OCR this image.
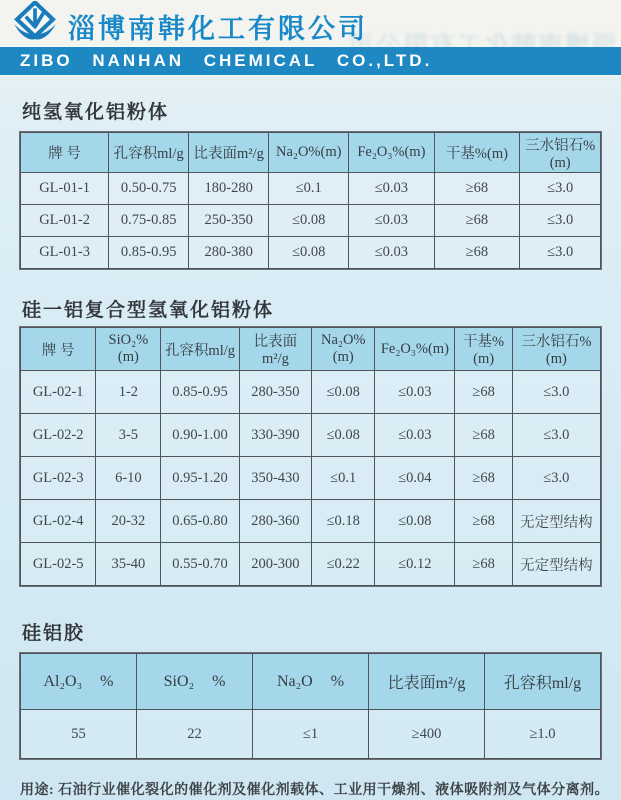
淄博南韩化工有限公司
ZIBO NANHAN CHEMICAL CO.,LTD.
纯氢氧化铝粉体
牌 号	孔容积ml/g	比表面m²/g	Na₂O%(m)	Fe₂O₃%(m)	干基%(m)	三水铝石%(m)
GL-01-1	0.50-0.75	180-280	≤0.1	≤0.03	≥68	≤3.0
GL-01-2	0.75-0.85	250-350	≤0.08	≤0.03	≥68	≤3.0
GL-01-3	0.85-0.95	280-380	≤0.08	≤0.03	≥68	≤3.0
硅一铝复合型氢氧化铝粉体
牌 号	SiO₂%(m)	孔容积ml/g	比表面m²/g	Na₂O%(m)	Fe₂O₃%(m)	干基%(m)	三水铝石%(m)
GL-02-1	1-2	0.85-0.95	280-350	≤0.08	≤0.03	≥68	≤3.0
GL-02-2	3-5	0.90-1.00	330-390	≤0.08	≤0.03	≥68	≤3.0
GL-02-3	6-10	0.95-1.20	350-430	≤0.1	≤0.04	≥68	≤3.0
GL-02-4	20-32	0.65-0.80	280-360	≤0.18	≤0.08	≥68	无定型结构
GL-02-5	35-40	0.55-0.70	200-300	≤0.22	≤0.12	≥68	无定型结构
硅铝胶
Al₂O₃ %	SiO₂ %	Na₂O %	比表面m²/g	孔容积ml/g
55	22	≤1	≥400	≥1.0

用途: 石油行业催化裂化的催化剂及催化剂载体、工业用干燥剂、液体吸附剂及气体分离剂。
